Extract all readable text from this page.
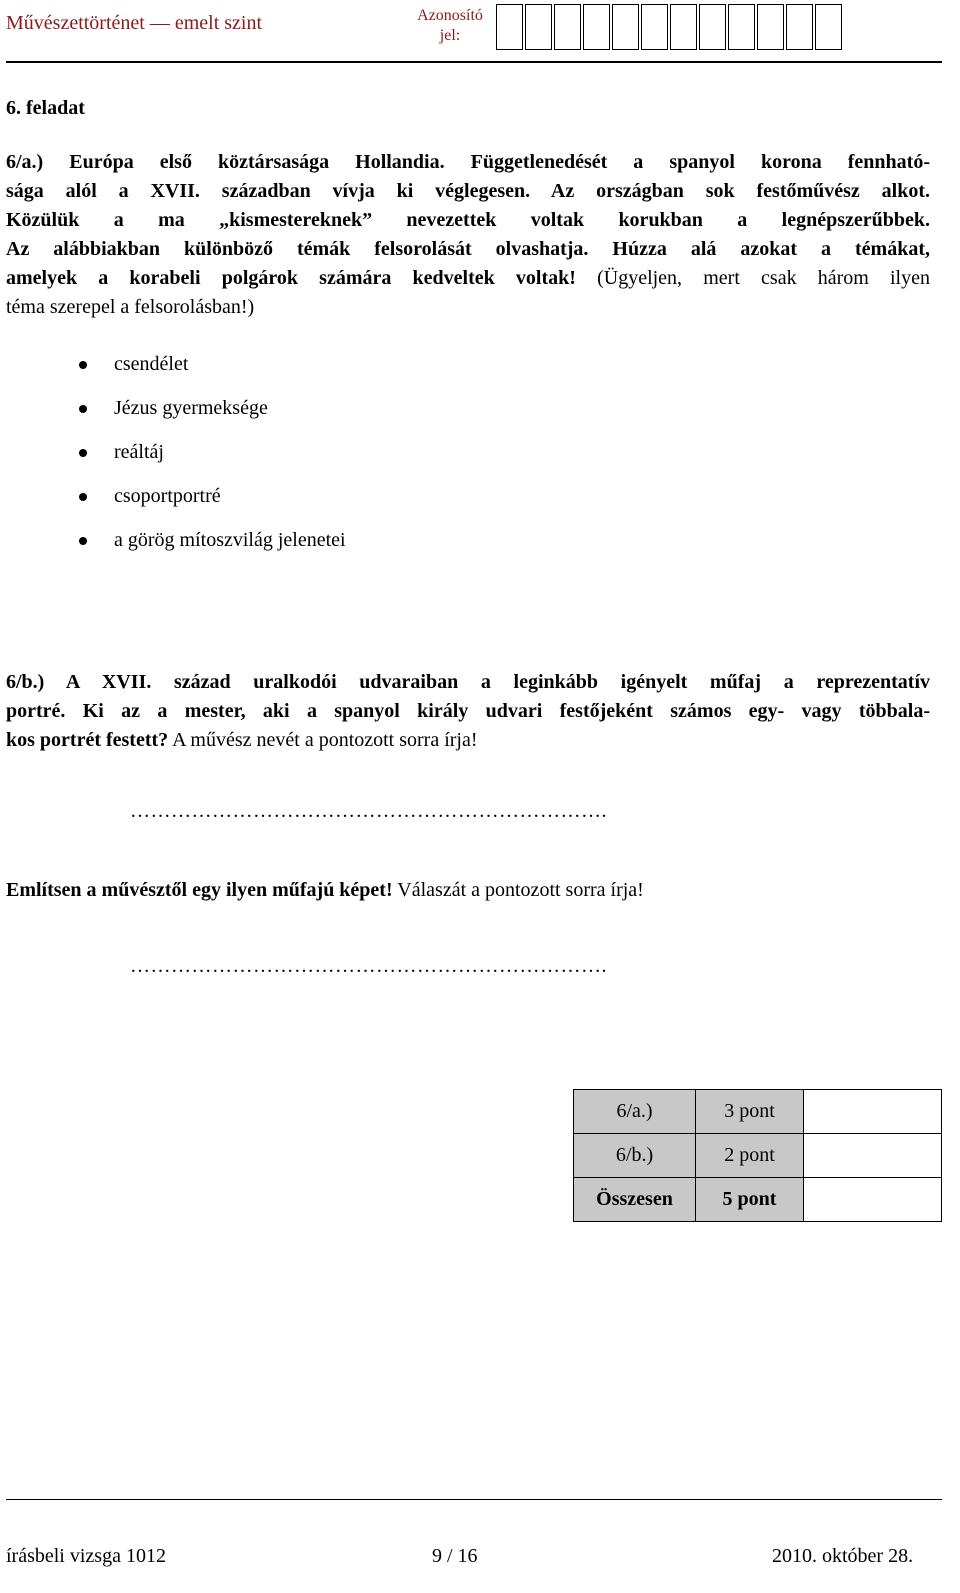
Művészettörténet — emelt szint	Azonosító jel:
6. feladat
6/a.) Európa első köztársasága Hollandia. Függetlenedését a spanyol korona fennható-
sága alól a XVII. században vívja ki véglegesen. Az országban sok festőművész alkot.
Közülük a ma „kismestereknek” nevezettek voltak korukban a legnépszerűbbek.
Az alábbiakban különböző témák felsorolását olvashatja. Húzza alá azokat a témákat,
amelyek a korabeli polgárok számára kedveltek voltak! (Ügyeljen, mert csak három ilyen
téma szerepel a felsorolásban!)
csendélet
Jézus gyermeksége
reáltáj
csoportportré
a görög mítoszvilág jelenetei
6/b.) A XVII. század uralkodói udvaraiban a leginkább igényelt műfaj a reprezentatív
portré. Ki az a mester, aki a spanyol király udvari festőjeként számos egy- vagy többala-
kos portrét festett? A művész nevét a pontozott sorra írja!
…………………………………………………………….
Említsen a művésztől egy ilyen műfajú képet! Válaszát a pontozott sorra írja!
…………………………………………………………….
6/a.)	3 pont	
6/b.)	2 pont	
Összesen	5 pont	
írásbeli vizsga 1012	9 / 16	2010. október 28.
